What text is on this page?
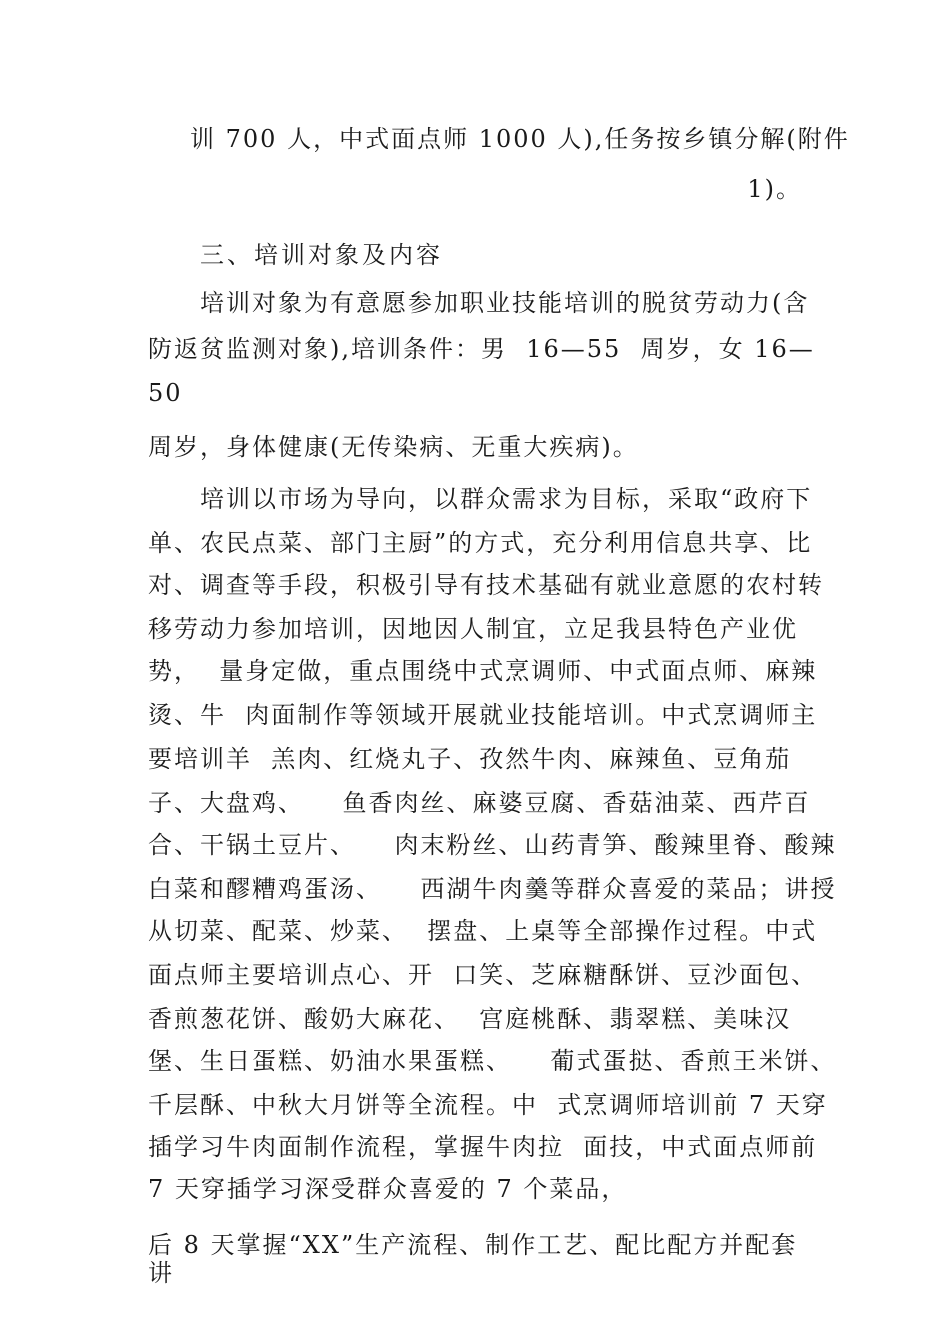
训 700 人，中式面点师 1000 人),任务按乡镇分解(附件
1)。
三、培训对象及内容
培训对象为有意愿参加职业技能培训的脱贫劳动力(含
防返贫监测对象),培训条件：男  16—55  周岁，女 16—
50
周岁，身体健康(无传染病、无重大疾病)。
培训以市场为导向，以群众需求为目标，采取“政府下
单、农民点菜、部门主厨”的方式，充分利用信息共享、比
对、调查等手段，积极引导有技术基础有就业意愿的农村转
移劳动力参加培训，因地因人制宜，立足我县特色产业优
势，  量身定做，重点围绕中式烹调师、中式面点师、麻辣
烫、牛  肉面制作等领域开展就业技能培训。中式烹调师主
要培训羊  羔肉、红烧丸子、孜然牛肉、麻辣鱼、豆角茄
子、大盘鸡、    鱼香肉丝、麻婆豆腐、香菇油菜、西芹百
合、干锅土豆片、    肉末粉丝、山药青笋、酸辣里脊、酸辣
白菜和醪糟鸡蛋汤、    西湖牛肉羹等群众喜爱的菜品；讲授
从切菜、配菜、炒菜、  摆盘、上桌等全部操作过程。中式
面点师主要培训点心、开  口笑、芝麻糖酥饼、豆沙面包、
香煎葱花饼、酸奶大麻花、  宫庭桃酥、翡翠糕、美味汉
堡、生日蛋糕、奶油水果蛋糕、    葡式蛋挞、香煎王米饼、
千层酥、中秋大月饼等全流程。中  式烹调师培训前 7 天穿
插学习牛肉面制作流程，掌握牛肉拉  面技，中式面点师前
7 天穿插学习深受群众喜爱的 7 个菜品，
后 8 天掌握“XX”生产流程、制作工艺、配比配方并配套
讲
